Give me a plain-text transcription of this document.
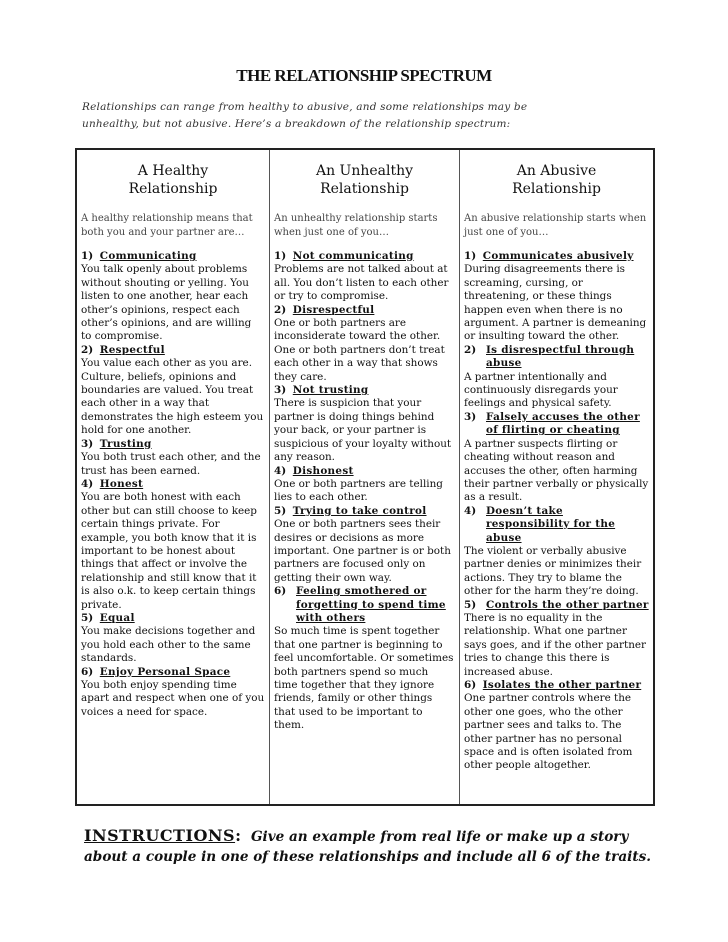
THE RELATIONSHIP SPECTRUM
Relationships can range from healthy to abusive, and some relationships may be
unhealthy, but not abusive. Here’s a breakdown of the relationship spectrum:
A Healthy
Relationship
A healthy relationship means that both you and your partner are…
1) Communicating

You talk openly about problems without shouting or yelling. You listen to one another, hear each other’s opinions, respect each other’s opinions, and are willing to compromise.

2) Respectful

You value each other as you are. Culture, beliefs, opinions and boundaries are valued. You treat each other in a way that demonstrates the high esteem you hold for one another.

3) Trusting

You both trust each other, and the trust has been earned.

4) Honest

You are both honest with each other but can still choose to keep certain things private. For example, you both know that it is important to be honest about things that affect or involve the relationship and still know that it is also o.k. to keep certain things private.

5) Equal

You make decisions together and you hold each other to the same standards.

6) Enjoy Personal Space

You both enjoy spending time apart and respect when one of you voices a need for space.

An Unhealthy
Relationship
An unhealthy relationship starts when just one of you…
1) Not communicating

Problems are not talked about at all. You don’t listen to each other or try to compromise.

2) Disrespectful

One or both partners are inconsiderate toward the other. One or both partners don’t treat each other in a way that shows they care.

3) Not trusting

There is suspicion that your partner is doing things behind your back, or your partner is suspicious of your loyalty without any reason.

4) Dishonest

One or both partners are telling lies to each other.

5) Trying to take control

One or both partners sees their desires or decisions as more important. One partner is or both partners are focused only on getting their own way.

6) Feeling smothered or forgetting to spend time with others

So much time is spent together that one partner is beginning to feel uncomfortable. Or sometimes both partners spend so much time together that they ignore friends, family or other things that used to be important to them.

An Abusive
Relationship
An abusive relationship starts when just one of you…
1) Communicates abusively

During disagreements there is screaming, cursing, or threatening, or these things happen even when there is no argument. A partner is demeaning or insulting toward the other.

2) Is disrespectful through abuse

A partner intentionally and continuously disregards your feelings and physical safety.

3) Falsely accuses the other of flirting or cheating

A partner suspects flirting or cheating without reason and accuses the other, often harming their partner verbally or physically as a result.

4) Doesn’t take responsibility for the abuse

The violent or verbally abusive partner denies or minimizes their actions. They try to blame the other for the harm they’re doing.

5) Controls the other partner

There is no equality in the relationship. What one partner says goes, and if the other partner tries to change this there is increased abuse.

6) Isolates the other partner

One partner controls where the other one goes, who the other partner sees and talks to. The other partner has no personal space and is often isolated from other people altogether.

INSTRUCTIONS: Give an example from real life or make up a story about a couple in one of these relationships and include all 6 of the traits.
